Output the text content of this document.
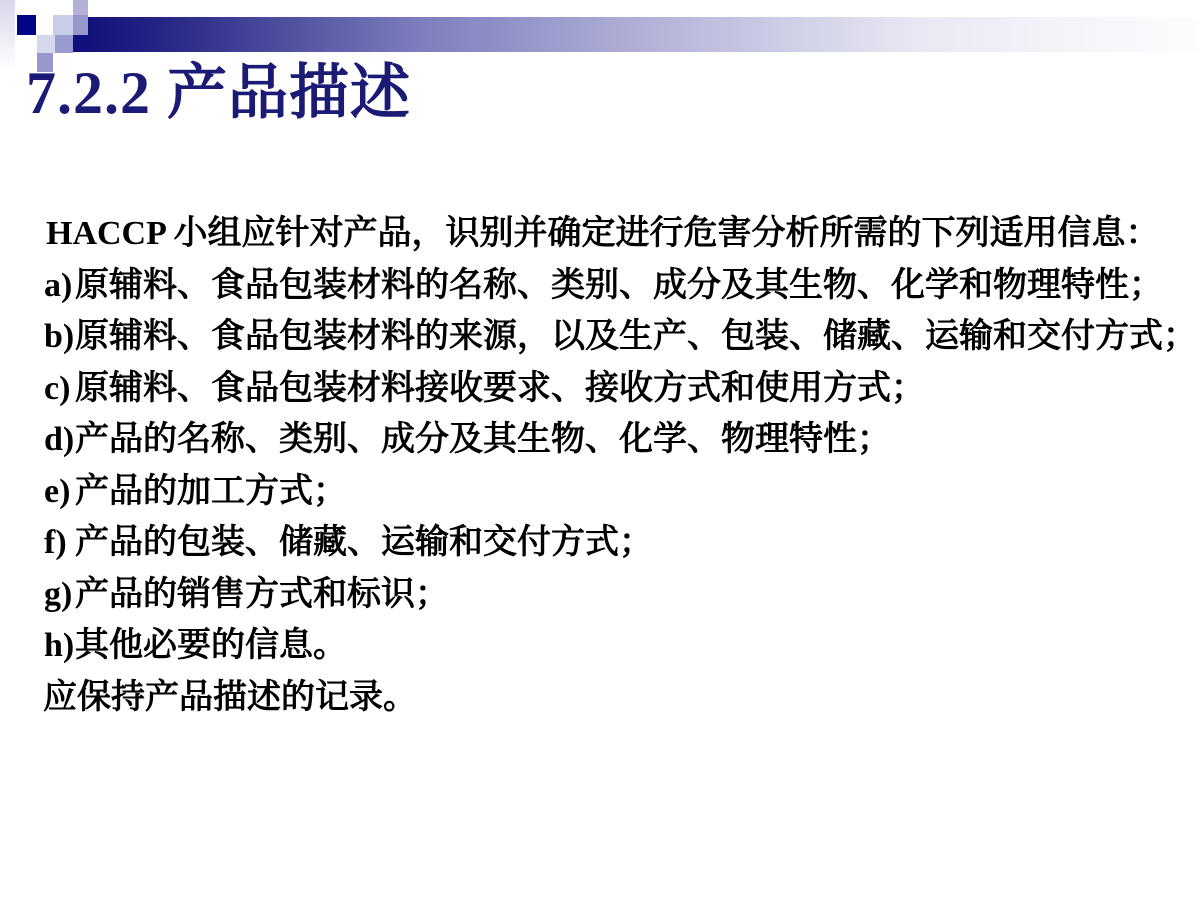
7.2.2 产品描述
HACCP 小组应针对产品，识别并确定进行危害分析所需的下列适用信息：
a)原辅料、食品包装材料的名称、类别、成分及其生物、化学和物理特性；
b)原辅料、食品包装材料的来源，以及生产、包装、储藏、运输和交付方式；
c) 原辅料、食品包装材料接收要求、接收方式和使用方式；
d)产品的名称、类别、成分及其生物、化学、物理特性；
e) 产品的加工方式；
f) 产品的包装、储藏、运输和交付方式；
g)产品的销售方式和标识；
h)其他必要的信息。
应保持产品描述的记录。
